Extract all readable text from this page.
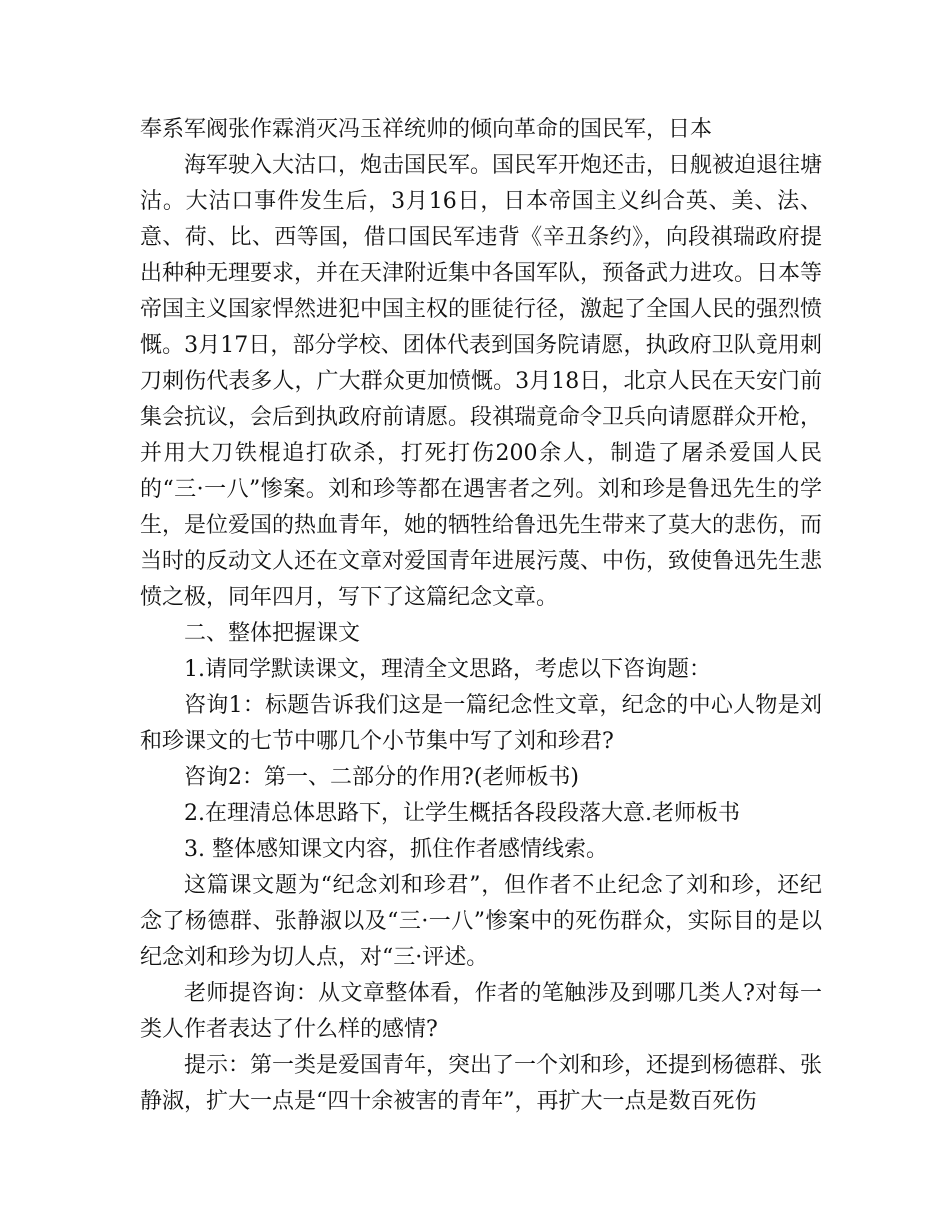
奉系军阀张作霖消灭冯玉祥统帅的倾向革命的国民军，日本

海军驶入大沽口，炮击国民军。国民军开炮还击，日舰被迫退往塘沽。大沽口事件发生后，3月16日，日本帝国主义纠合英、美、法、意、荷、比、西等国，借口国民军违背《辛丑条约》，向段祺瑞政府提出种种无理要求，并在天津附近集中各国军队，预备武力进攻。日本等帝国主义国家悍然进犯中国主权的匪徒行径，激起了全国人民的强烈愤慨。3月17日，部分学校、团体代表到国务院请愿，执政府卫队竟用刺刀刺伤代表多人，广大群众更加愤慨。3月18日，北京人民在天安门前集会抗议，会后到执政府前请愿。段祺瑞竟命令卫兵向请愿群众开枪，并用大刀铁棍追打砍杀，打死打伤200余人，制造了屠杀爱国人民的“三·一八”惨案。刘和珍等都在遇害者之列。刘和珍是鲁迅先生的学生，是位爱国的热血青年，她的牺牲给鲁迅先生带来了莫大的悲伤，而当时的反动文人还在文章对爱国青年进展污蔑、中伤，致使鲁迅先生悲愤之极，同年四月，写下了这篇纪念文章。

二、整体把握课文

1.请同学默读课文，理清全文思路，考虑以下咨询题：

咨询1：标题告诉我们这是一篇纪念性文章，纪念的中心人物是刘和珍课文的七节中哪几个小节集中写了刘和珍君?

咨询2：第一、二部分的作用?(老师板书)

2.在理清总体思路下，让学生概括各段段落大意.老师板书

3. 整体感知课文内容，抓住作者感情线索。

这篇课文题为“纪念刘和珍君”，但作者不止纪念了刘和珍，还纪念了杨德群、张静淑以及“三·一八”惨案中的死伤群众，实际目的是以纪念刘和珍为切人点，对“三·评述。

老师提咨询：从文章整体看，作者的笔触涉及到哪几类人?对每一类人作者表达了什么样的感情?

提示：第一类是爱国青年，突出了一个刘和珍，还提到杨德群、张静淑，扩大一点是“四十余被害的青年”，再扩大一点是数百死伤
